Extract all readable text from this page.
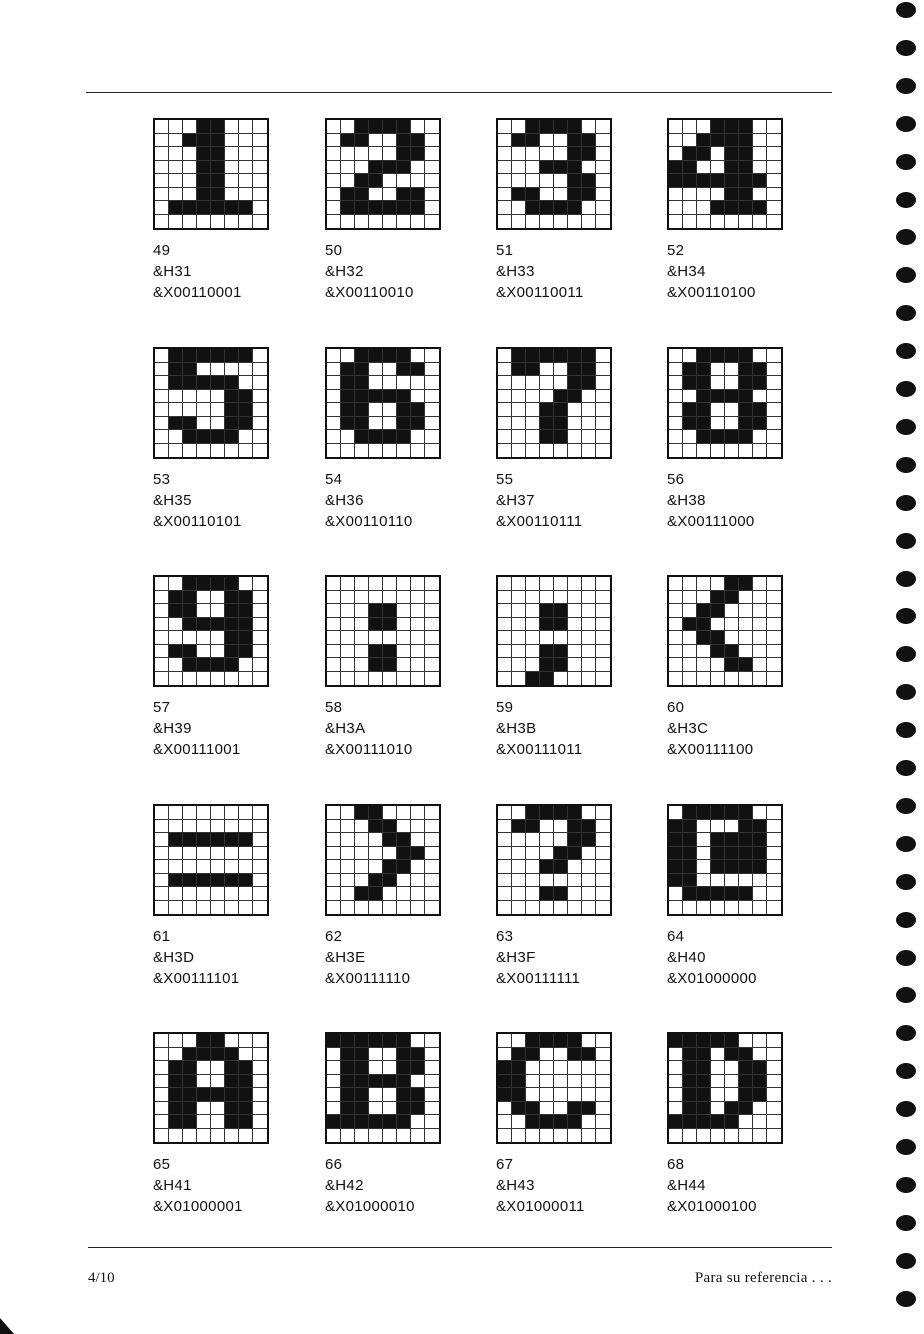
49
&H31
&X00110001
50
&H32
&X00110010
51
&H33
&X00110011
52
&H34
&X00110100
53
&H35
&X00110101
54
&H36
&X00110110
55
&H37
&X00110111
56
&H38
&X00111000
57
&H39
&X00111001
58
&H3A
&X00111010
59
&H3B
&X00111011
60
&H3C
&X00111100
61
&H3D
&X00111101
62
&H3E
&X00111110
63
&H3F
&X00111111
64
&H40
&X01000000
65
&H41
&X01000001
66
&H42
&X01000010
67
&H43
&X01000011
68
&H44
&X01000100
4/10	Para su referencia . . .
